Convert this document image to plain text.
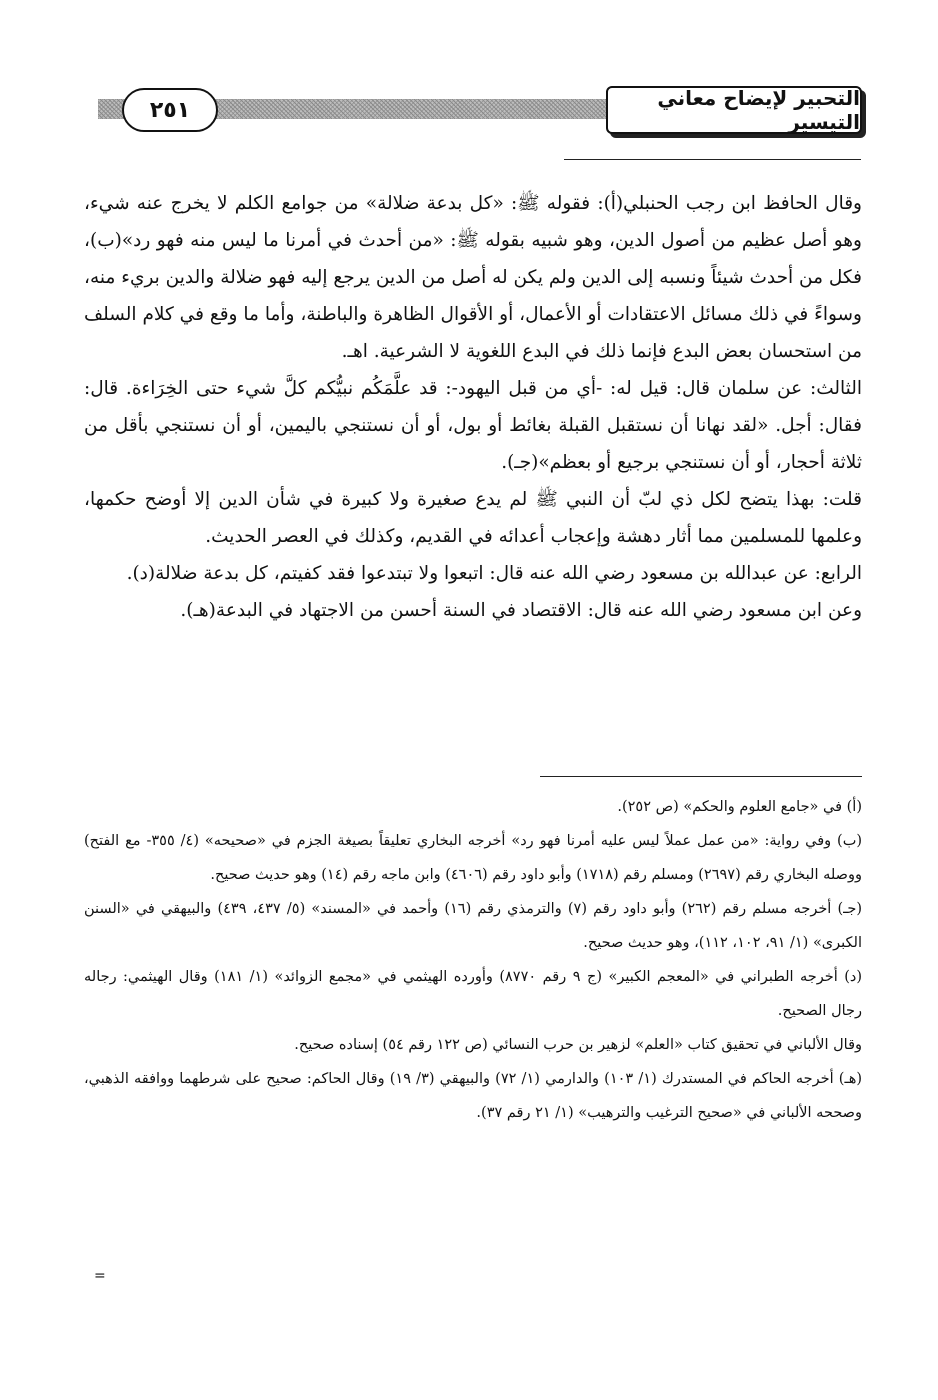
٢٥١	التحبير لإيضاح معاني التيسير

وقال الحافظ ابن رجب الحنبلي(أ): فقوله ﷺ: «كل بدعة ضلالة» من جوامع الكلم لا يخرج عنه شيء، وهو أصل عظيم من أصول الدين، وهو شبيه بقوله ﷺ: «من أحدث في أمرنا ما ليس منه فهو رد»(ب)، فكل من أحدث شيئاً ونسبه إلى الدين ولم يكن له أصل من الدين يرجع إليه فهو ضلالة والدين بريء منه، وسواءً في ذلك مسائل الاعتقادات أو الأعمال، أو الأقوال الظاهرة والباطنة، وأما ما وقع في كلام السلف من استحسان بعض البدع فإنما ذلك في البدع اللغوية لا الشرعية. اهـ.

الثالث: عن سلمان قال: قيل له: -أي من قبل اليهود-: قد علَّمَكُم نبيُّكم كلَّ شيء حتى الخِرَاءة. قال: فقال: أجل. «لقد نهانا أن نستقبل القبلة بغائط أو بول، أو أن نستنجي باليمين، أو أن نستنجي بأقل من ثلاثة أحجار، أو أن نستنجي برجيع أو بعظم»(جـ).

قلت: بهذا يتضح لكل ذي لبّ أن النبي ﷺ لم يدع صغيرة ولا كبيرة في شأن الدين إلا أوضح حكمها، وعلمها للمسلمين مما أثار دهشة وإعجاب أعدائه في القديم، وكذلك في العصر الحديث.

الرابع: عن عبدالله بن مسعود رضي الله عنه قال: اتبعوا ولا تبتدعوا فقد كفيتم، كل بدعة ضلالة(د).

وعن ابن مسعود رضي الله عنه قال: الاقتصاد في السنة أحسن من الاجتهاد في البدعة(هـ).

(أ) في «جامع العلوم والحكم» (ص ٢٥٢).

(ب) وفي رواية: «من عمل عملاً ليس عليه أمرنا فهو رد» أخرجه البخاري تعليقاً بصيغة الجزم في «صحيحه» (٤/ ٣٥٥- مع الفتح) ووصله البخاري رقم (٢٦٩٧) ومسلم رقم (١٧١٨) وأبو داود رقم (٤٦٠٦) وابن ماجه رقم (١٤) وهو حديث صحيح.

(جـ) أخرجه مسلم رقم (٢٦٢) وأبو داود رقم (٧) والترمذي رقم (١٦) وأحمد في «المسند» (٥/ ٤٣٧، ٤٣٩) والبيهقي في «السنن الكبرى» (١/ ٩١، ١٠٢، ١١٢)، وهو حديث صحيح.

(د) أخرجه الطبراني في «المعجم الكبير» (ج ٩ رقم ٨٧٧٠) وأورده الهيثمي في «مجمع الزوائد» (١/ ١٨١) وقال الهيثمي: رجاله رجال الصحيح.

وقال الألباني في تحقيق كتاب «العلم» لزهير بن حرب النسائي (ص ١٢٢ رقم ٥٤) إسناده صحيح.

(هـ) أخرجه الحاكم في المستدرك (١/ ١٠٣) والدارمي (١/ ٧٢) والبيهقي (٣/ ١٩) وقال الحاكم: صحيح على شرطهما ووافقه الذهبي، وصححه الألباني في «صحيح الترغيب والترهيب» (١/ ٢١ رقم ٣٧).

=
